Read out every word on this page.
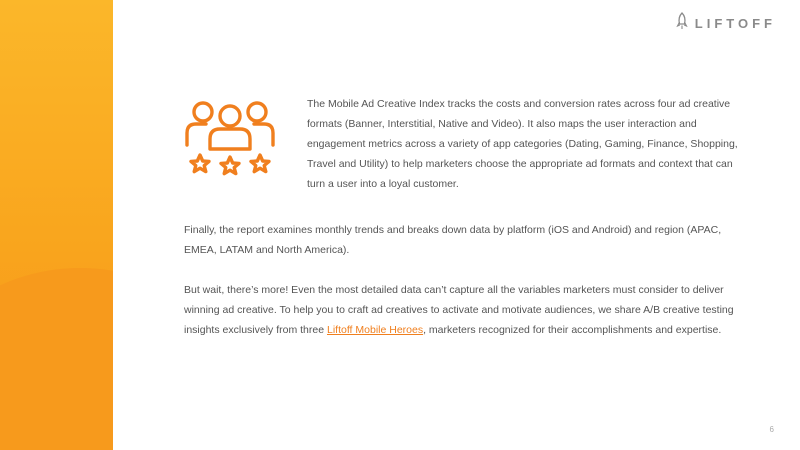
LIFTOFF

The Mobile Ad Creative Index tracks the costs and conversion rates across four ad creative formats (Banner, Interstitial, Native and Video). It also maps the user interaction and engagement metrics across a variety of app categories (Dating, Gaming, Finance, Shopping, Travel and Utility) to help marketers choose the appropriate ad formats and context that can turn a user into a loyal customer.

Finally, the report examines monthly trends and breaks down data by platform (iOS and Android) and region (APAC, EMEA, LATAM and North America).

But wait, there’s more! Even the most detailed data can’t capture all the variables marketers must consider to deliver winning ad creative. To help you to craft ad creatives to activate and motivate audiences, we share A/B creative testing insights exclusively from three Liftoff Mobile Heroes, marketers recognized for their accomplishments and expertise.

6
